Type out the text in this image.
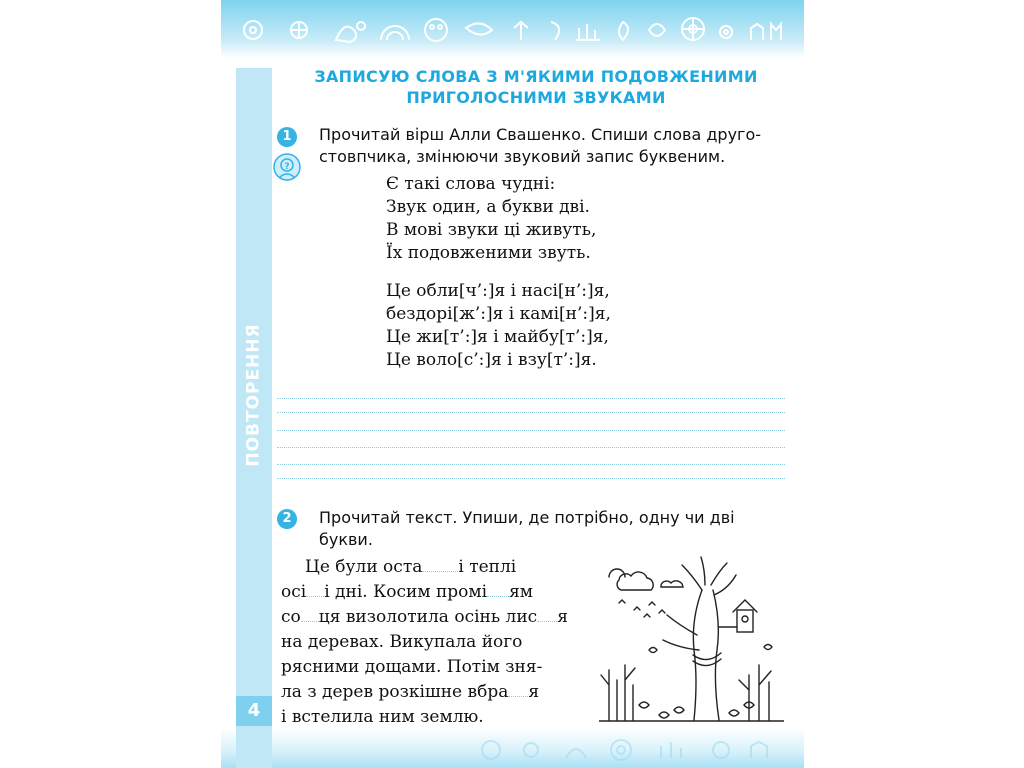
ПОВТОРЕННЯ
4
ЗАПИСУЮ СЛОВА З М'ЯКИМИ ПОДОВЖЕНИМИ
ПРИГОЛОСНИМИ ЗВУКАМИ
1
?
Прочитай вірш Алли Свашенко. Спиши слова друго-
стовпчика, змінюючи звуковий запис буквеним.
Є такі слова чудні:
Звук один, а букви дві.
В мові звуки ці живуть,
Їх подовженими звуть.
Це обли[ч’:]я і насі[н’:]я,
бездорі[ж’:]я і камі[н’:]я,
Це жи[т’:]я і майбу[т’:]я,
Це воло[с’:]я і взу[т’:]я.
2	Прочитай текст. Упиши, де потрібно, одну чи дві
букви.
Це були оста і теплі
осі і дні. Косим промі ям
со ця визолотила осінь лис я
на деревах. Викупала його
рясними дощами. Потім зня-
ла з дерев розкішне вбра я
і встелила ним землю.
